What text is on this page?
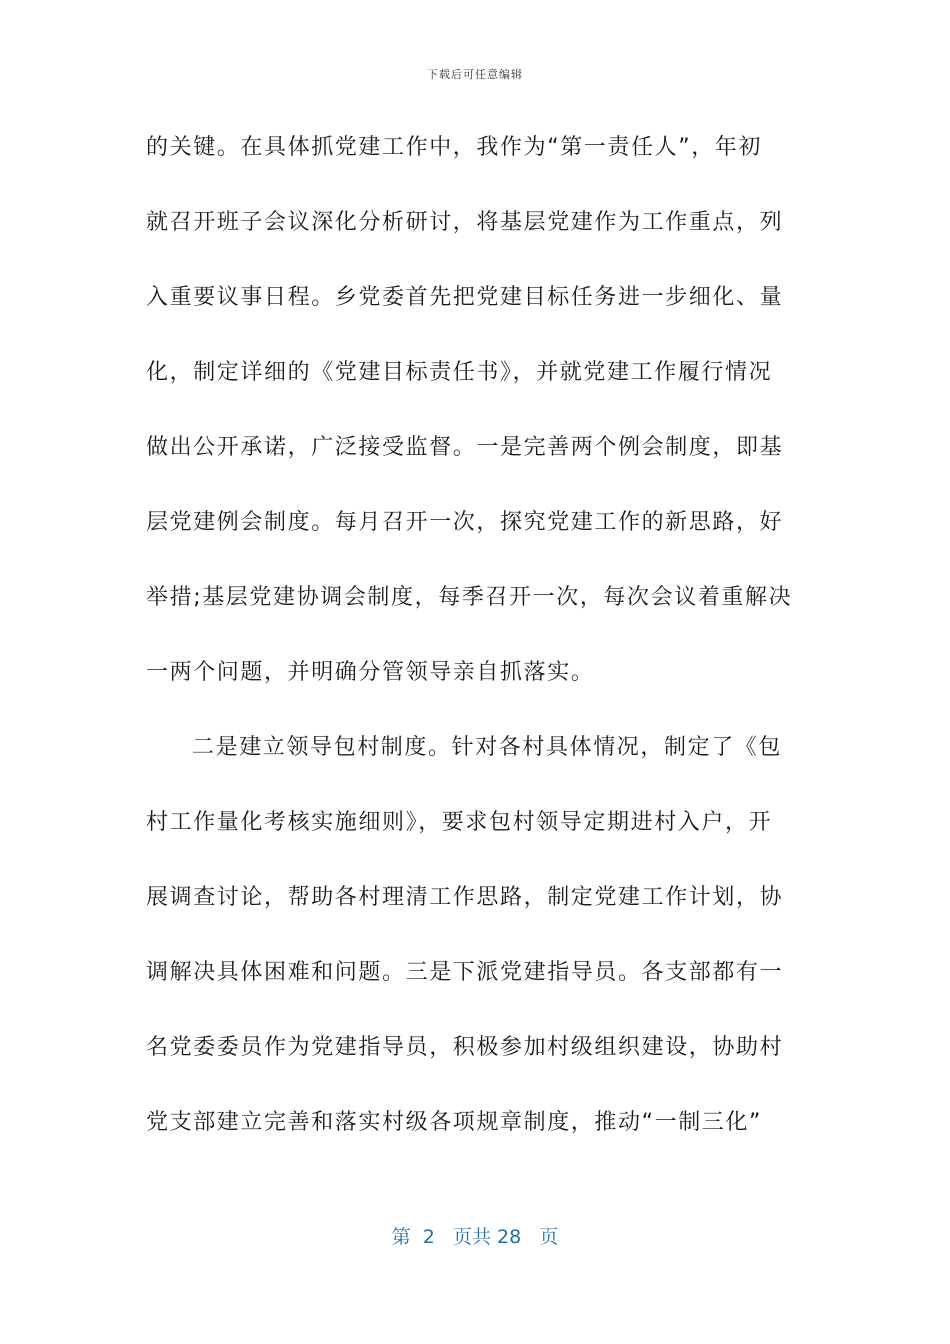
下载后可任意编辑
的关键。在具体抓党建工作中，我作为“第一责任人”，年初
就召开班子会议深化分析研讨，将基层党建作为工作重点，列
入重要议事日程。乡党委首先把党建目标任务进一步细化、量
化，制定详细的《党建目标责任书》，并就党建工作履行情况
做出公开承诺，广泛接受监督。一是完善两个例会制度，即基
层党建例会制度。每月召开一次，探究党建工作的新思路，好
举措;基层党建协调会制度，每季召开一次，每次会议着重解决
一两个问题，并明确分管领导亲自抓落实。
二是建立领导包村制度。针对各村具体情况，制定了《包
村工作量化考核实施细则》，要求包村领导定期进村入户，开
展调查讨论，帮助各村理清工作思路，制定党建工作计划，协
调解决具体困难和问题。三是下派党建指导员。各支部都有一
名党委委员作为党建指导员，积极参加村级组织建设，协助村
党支部建立完善和落实村级各项规章制度，推动“一制三化”
第 2 页共 28 页
